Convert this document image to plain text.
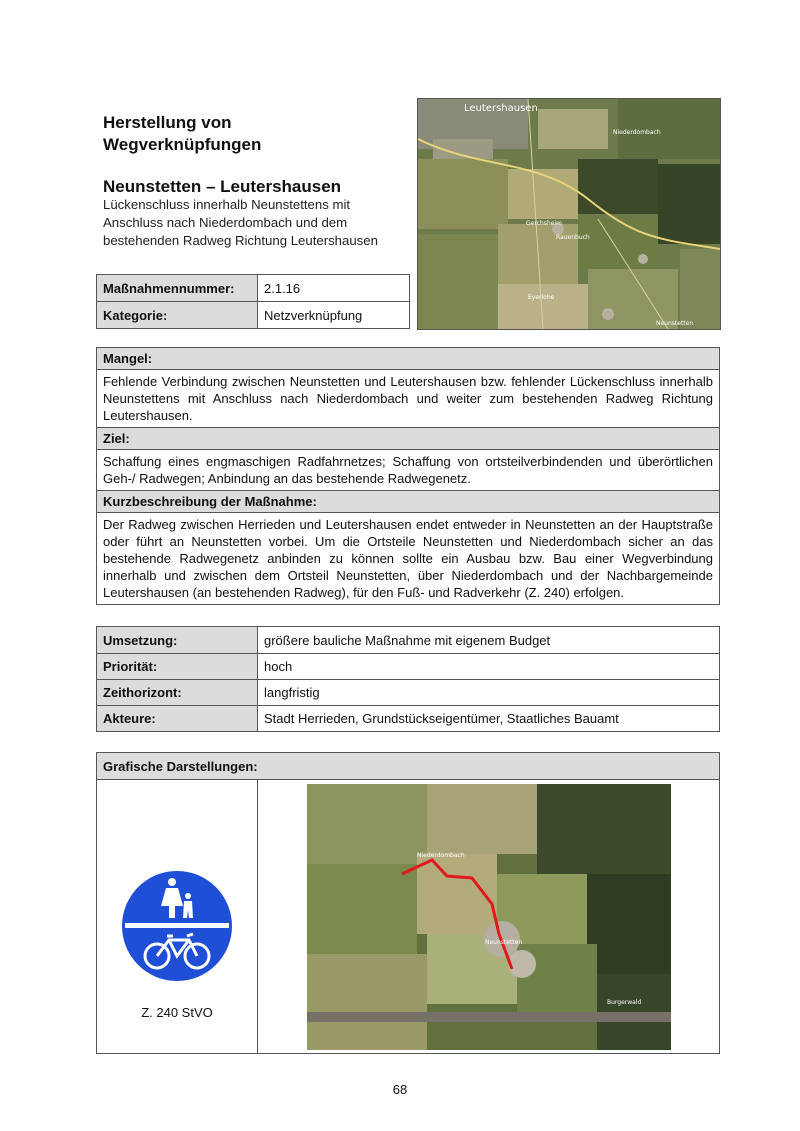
Herstellung von
Wegverknüpfungen
Neunstetten – Leutershausen
Lückenschluss innerhalb Neunstettens mit Anschluss nach Niederdombach und dem bestehenden Radweg Richtung Leutershausen
Leutershausen
Niederdombach
Neunstetten
Gerchsheim
Rauenbuch
Eyerlohe
Maßnahmennummer:	2.1.16
Kategorie:	Netzverknüpfung
Mangel:
Fehlende Verbindung zwischen Neunstetten und Leutershausen bzw. fehlender Lückenschluss innerhalb Neunstettens mit Anschluss nach Niederdombach und weiter zum bestehenden Radweg Richtung Leutershausen.
Ziel:
Schaffung eines engmaschigen Radfahrnetzes; Schaffung von ortsteilverbindenden und überörtlichen Geh-/ Radwegen; Anbindung an das bestehende Radwegenetz.
Kurzbeschreibung der Maßnahme:
Der Radweg zwischen Herrieden und Leutershausen endet entweder in Neunstetten an der Hauptstraße oder führt an Neunstetten vorbei. Um die Ortsteile Neunstetten und Niederdombach sicher an das bestehende Radwegenetz anbinden zu können sollte ein Ausbau bzw. Bau einer Wegverbindung innerhalb und zwischen dem Ortsteil Neunstetten, über Niederdombach und der Nachbargemeinde Leutershausen (an bestehenden Radweg), für den Fuß- und Radverkehr (Z. 240) erfolgen.
Umsetzung:	größere bauliche Maßnahme mit eigenem Budget
Priorität:	hoch
Zeithorizont:	langfristig
Akteure:	Stadt Herrieden, Grundstückseigentümer, Staatliches Bauamt
Grafische Darstellungen:

Z. 240 StVO

Niederdombach
Neunstetten
Burgerwald
68
